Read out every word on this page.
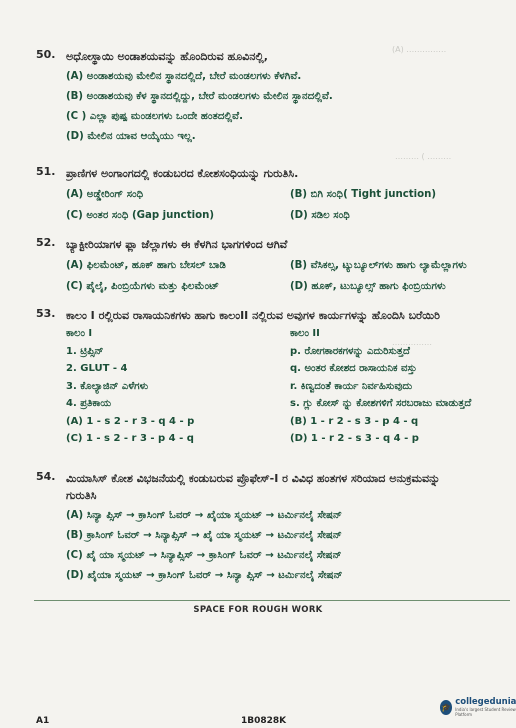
(A) ……………
……… ( ………
……………
50. ಅಧೋಸ್ಥಾಯಿ ಅಂಡಾಶಯವನ್ನು ಹೊಂದಿರುವ ಹೂವಿನಲ್ಲಿ,
(A) ಅಂಡಾಶಯವು ಮೇಲಿನ ಸ್ಥಾನದಲ್ಲಿದೆ, ಬೇರೆ ಮಂಡಲಗಳು ಕೆಳಗಿವೆ.
(B) ಅಂಡಾಶಯವು ಕೆಳ ಸ್ಥಾನದಲ್ಲಿದ್ದು, ಬೇರೆ ಮಂಡಲಗಳು ಮೇಲಿನ ಸ್ಥಾನದಲ್ಲಿವೆ.
(C ) ಎಲ್ಲಾ ಪುಷ್ಪ ಮಂಡಲಗಳು ಒಂದೇ ಹಂತದಲ್ಲಿವೆ.
(D) ಮೇಲಿನ ಯಾವ ಆಯ್ಕೆಯು ಇಲ್ಲ.
51. ಪ್ರಾಣಿಗಳ ಅಂಗಾಂಗದಲ್ಲಿ ಕಂಡುಬರದ ಕೋಶಸಂಧಿಯನ್ನು ಗುರುತಿಸಿ.
(A) ಅಡ್ಡೇರಿಂಗ್ ಸಂಧಿ	(B) ಬಿಗಿ ಸಂಧಿ( Tight junction)
(C) ಅಂತರ ಸಂಧಿ (Gap junction)	(D) ಸಡಿಲ ಸಂಧಿ
52. ಬ್ಯಾಕ್ಟೀರಿಯಾಗಳ ಫ್ಲಾ ಜೆಲ್ಲಾಗಳು ಈ ಕೆಳಗಿನ ಭಾಗಗಳಿಂದ ಆಗಿವೆ
(A) ಫಿಲಮೆಂಟ್, ಹೂಕ್ ಹಾಗು ಬೇಸಲ್ ಬಾಡಿ	(B) ವೆಸಿಕಲ್ಸ, ಟ್ಯುಬ್ಯೂಲ್‌ಗಳು ಹಾಗು ಲ್ಯಾಮೆಲ್ಲಾಗಳು
(C) ಪೈಲೈ, ಪಿಂಬ್ರಿಯೆಗಳು ಮತ್ತು ಫಿಲಮೆಂಟ್	(D) ಹೂಕ್, ಟುಬ್ಯೂಲ್ಸ್ ಹಾಗು ಫಿಂಬ್ರಿಯಗಳು
53. ಕಾಲಂ I ರಲ್ಲಿರುವ ರಾಸಾಯನಿಕಗಳು ಹಾಗು ಕಾಲಂII ನಲ್ಲಿರುವ ಅವುಗಳ ಕಾರ್ಯಗಳನ್ನು ಹೊಂದಿಸಿ ಬರೆಯಿರಿ
ಕಾಲಂ I	ಕಾಲಂ II
1. ಟ್ರಿಪ್ಸಿನ್	p. ರೋಗಕಾರಕಗಳನ್ನು ಎದುರಿಸುತ್ತದೆ
2. GLUT - 4	q. ಅಂತರ ಕೋಶದ ರಾಸಾಯನಿಕ ವಸ್ತು
3. ಕೊಲ್ಯಾಜಿನ್ ಎಳೆಗಳು	r. ಕಿಣ್ವದಂತೆ ಕಾರ್ಯ ನಿರ್ವಹಿಸುವುದು
4. ಪ್ರತಿಕಾಯ	s. ಗ್ಲು ಕೋಸ್ ನ್ನು ಕೋಶಗಳಿಗೆ ಸರಬರಾಜು ಮಾಡುತ್ತದೆ
(A) 1 - s 2 - r 3 - q 4 - p	(B) 1 - r 2 - s 3 - p 4 - q
(C) 1 - s 2 - r 3 - p 4 - q	(D) 1 - r 2 - s 3 - q 4 - p
54. ಮಿಯಾಸಿಸ್ ಕೋಶ ವಿಭಜನೆಯಲ್ಲಿ ಕಂಡುಬರುವ ಪ್ರೊಫೇಸ್-I ರ ವಿವಿಧ ಹಂತಗಳ ಸರಿಯಾದ ಅನುಕ್ರಮವನ್ನು
ಗುರುತಿಸಿ
(A) ಸಿನ್ಯಾ ಪ್ಸಿಸ್ → ಕ್ರಾಸಿಂಗ್ ಓವರ್ → ಖೈಯಾ ಸ್ಮಯಟ್ → ಟರ್ಮಿನಲೈ ಸೇಷನ್
(B) ಕ್ರಾಸಿಂಗ್ ಓವರ್ → ಸಿನ್ಯಾಪ್ಸಿಸ್ → ಖೈ ಯಾ ಸ್ಮಯಟ್ → ಟರ್ಮಿನಲೈ ಸೇಷನ್
(C) ಖೈ ಯಾ ಸ್ಮಯಟ್ → ಸಿನ್ಯಾಪ್ಸಿಸ್ → ಕ್ರಾಸಿಂಗ್ ಓವರ್ → ಟರ್ಮಿನಲೈ ಸೇಷನ್
(D) ಖೈಯಾ ಸ್ಮಯಟ್ → ಕ್ರಾಸಿಂಗ್ ಓವರ್ → ಸಿನ್ಯಾ ಪ್ಸಿಸ್ → ಟರ್ಮಿನಲೈ ಸೇಷನ್
SPACE FOR ROUGH WORK
🎓
collegedunia
India's largest Student Review Platform
A1	1B0828K
